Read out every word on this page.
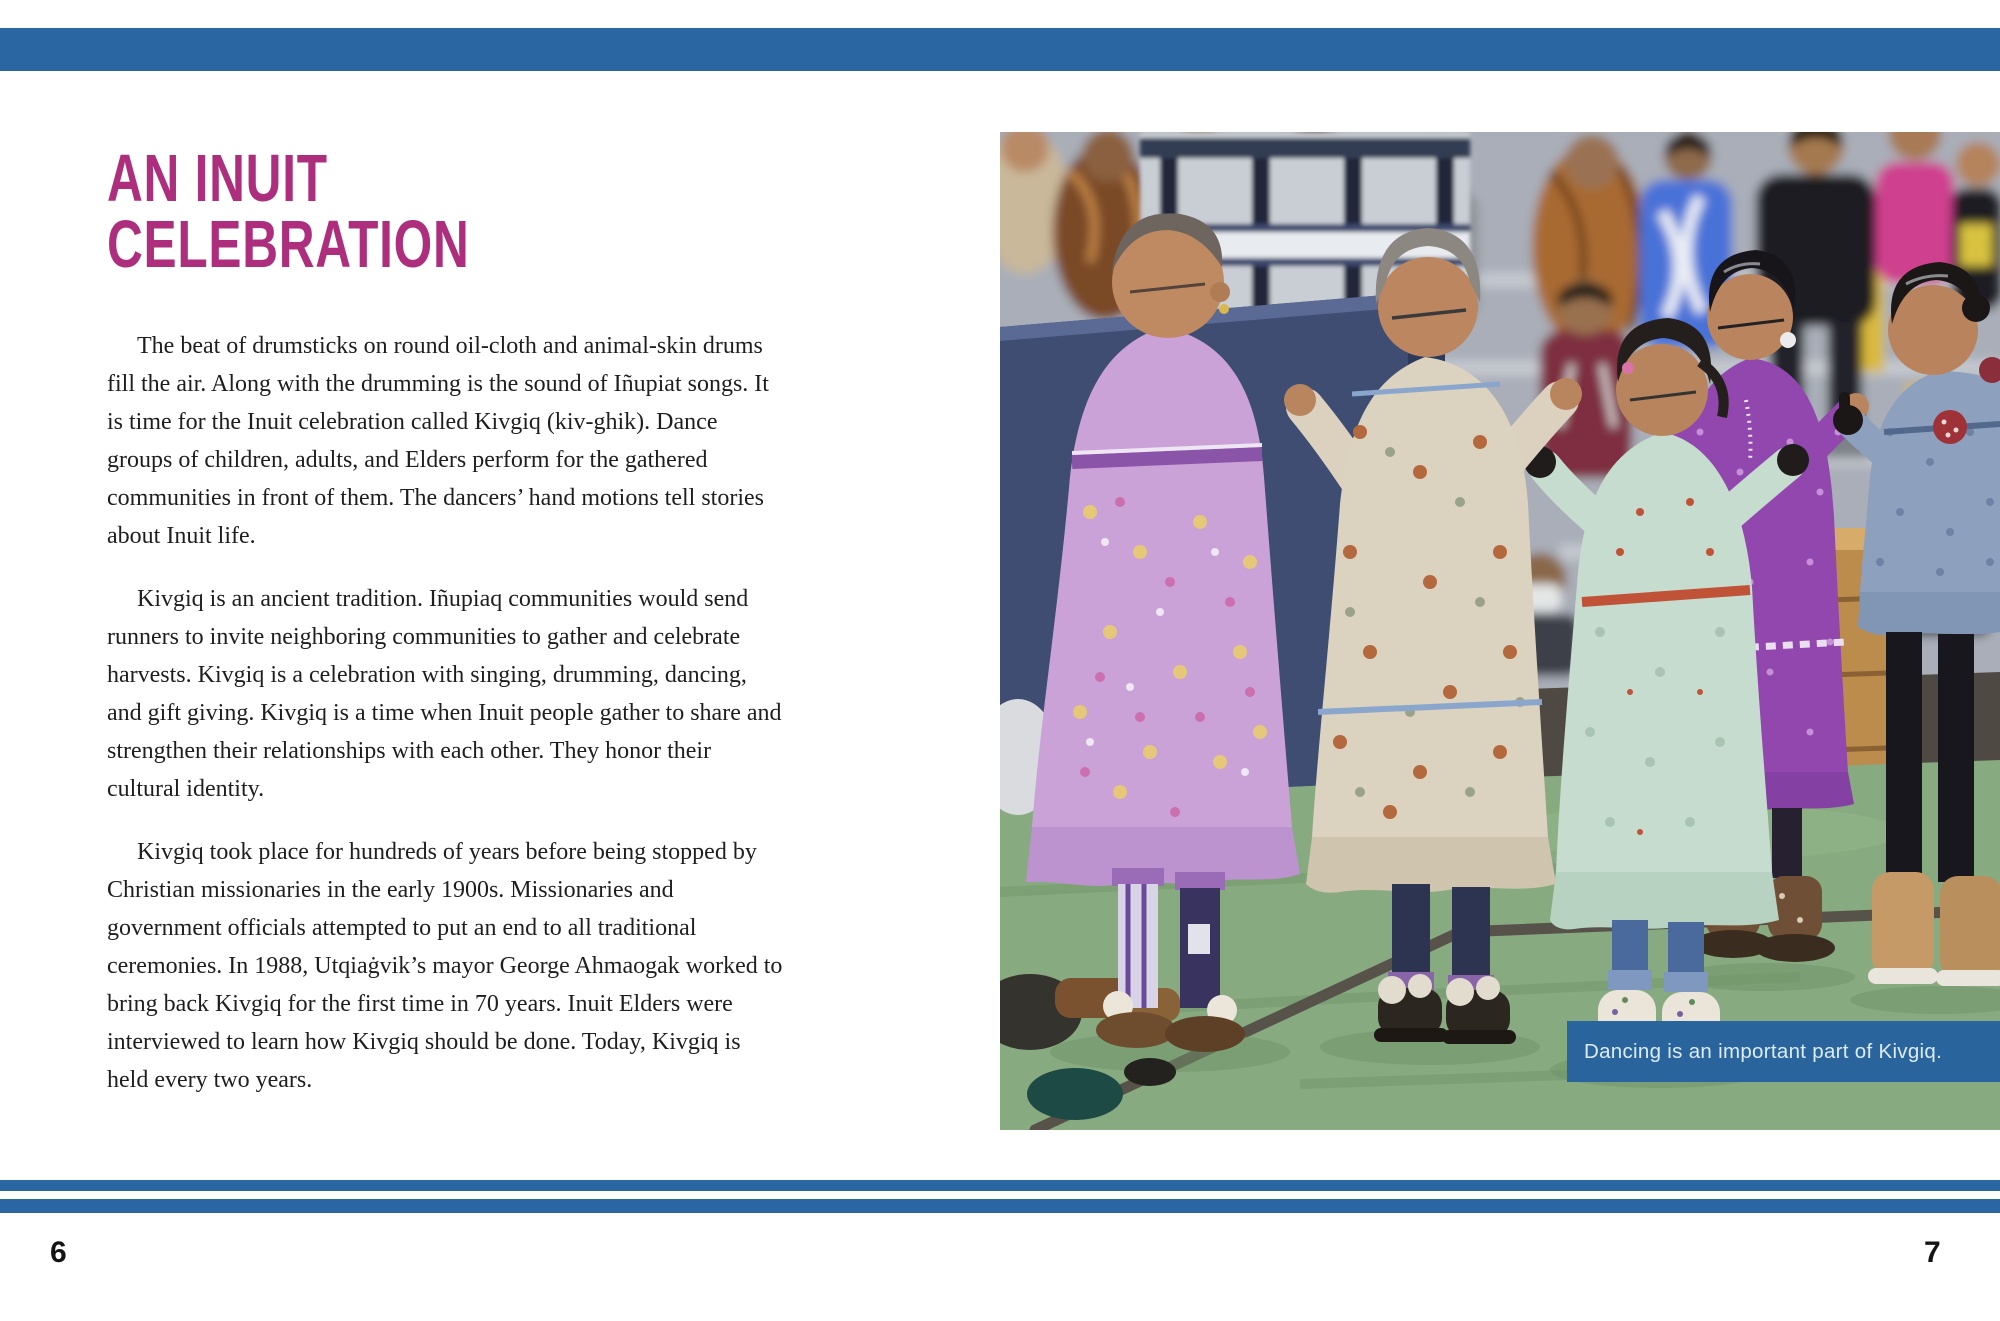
AN INUIT
CELEBRATION

The beat of drumsticks on round oil-cloth and animal-skin drums fill the air. Along with the drumming is the sound of Iñupiat songs. It is time for the Inuit celebration called Kivgiq (kiv-ghik). Dance groups of children, adults, and Elders perform for the gathered communities in front of them. The dancers’ hand motions tell stories about Inuit life.

Kivgiq is an ancient tradition. Iñupiaq communities would send runners to invite neighboring communities to gather and celebrate harvests. Kivgiq is a celebration with singing, drumming, dancing, and gift giving. Kivgiq is a time when Inuit people gather to share and strengthen their relationships with each other. They honor their cultural identity.

Kivgiq took place for hundreds of years before being stopped by Christian missionaries in the early 1900s. Missionaries and government officials attempted to put an end to all traditional ceremonies. In 1988, Utqiaġvik’s mayor George Ahmaogak worked to bring back Kivgiq for the first time in 70 years. Inuit Elders were interviewed to learn how Kivgiq should be done. Today, Kivgiq is held every two years.

6
Dancing is an important part of Kivgiq.
7
